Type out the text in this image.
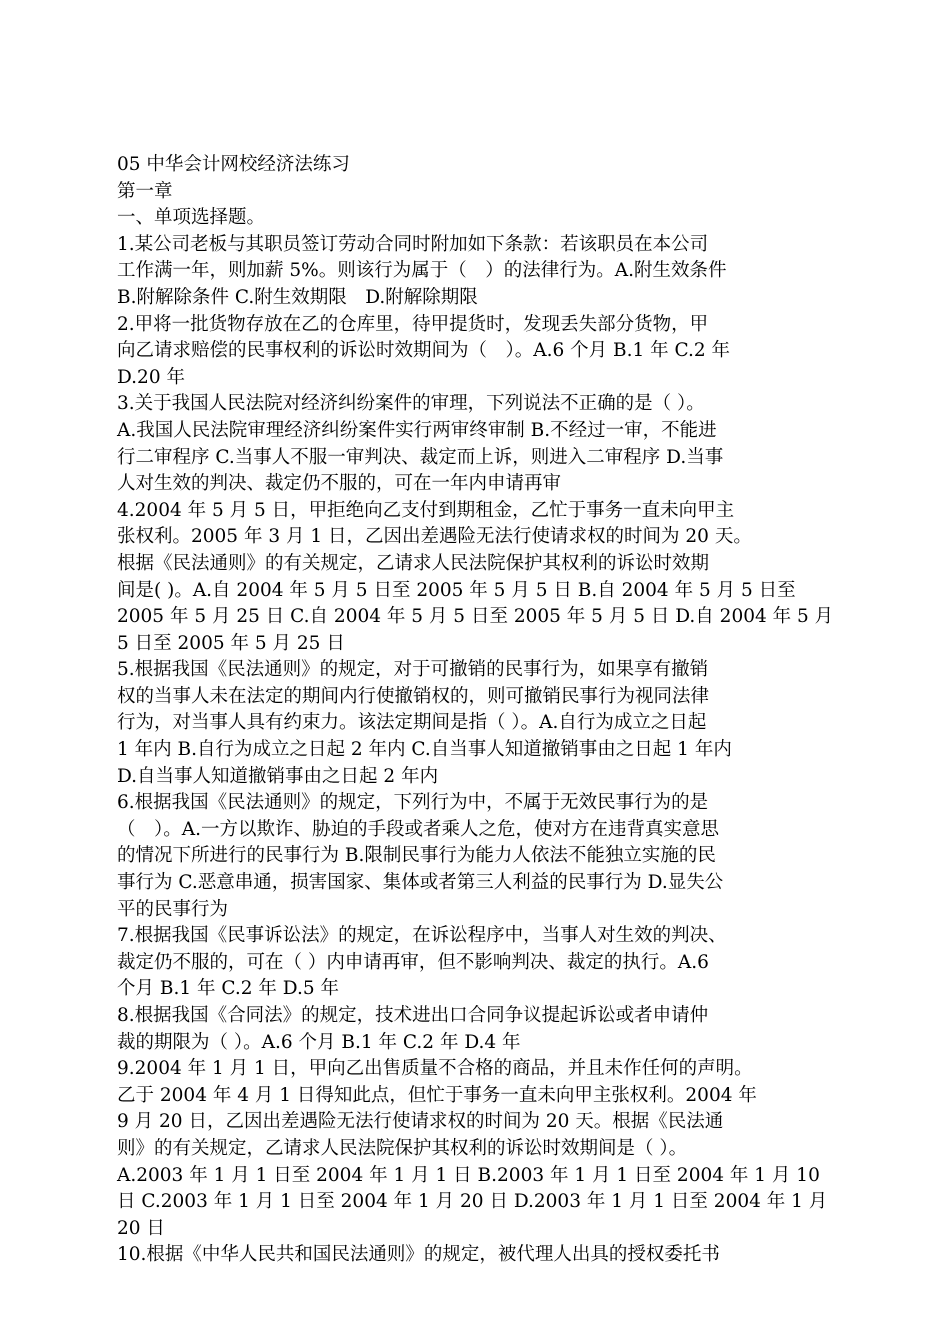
05 中华会计网校经济法练习
第一章
一、单项选择题。
1.某公司老板与其职员签订劳动合同时附加如下条款：若该职员在本公司
工作满一年，则加薪 5%。则该行为属于（　）的法律行为。A.附生效条件
B.附解除条件 C.附生效期限　D.附解除期限
2.甲将一批货物存放在乙的仓库里，待甲提货时，发现丢失部分货物，甲
向乙请求赔偿的民事权利的诉讼时效期间为（　）。A.6 个月 B.1 年 C.2 年
D.20 年
3.关于我国人民法院对经济纠纷案件的审理，下列说法不正确的是（ ）。
A.我国人民法院审理经济纠纷案件实行两审终审制 B.不经过一审，不能进
行二审程序 C.当事人不服一审判决、裁定而上诉，则进入二审程序 D.当事
人对生效的判决、裁定仍不服的，可在一年内申请再审
4.2004 年 5 月 5 日，甲拒绝向乙支付到期租金，乙忙于事务一直未向甲主
张权利。2005 年 3 月 1 日，乙因出差遇险无法行使请求权的时间为 20 天。
根据《民法通则》的有关规定，乙请求人民法院保护其权利的诉讼时效期
间是( )。A.自 2004 年 5 月 5 日至 2005 年 5 月 5 日 B.自 2004 年 5 月 5 日至
2005 年 5 月 25 日 C.自 2004 年 5 月 5 日至 2005 年 5 月 5 日 D.自 2004 年 5 月
5 日至 2005 年 5 月 25 日
5.根据我国《民法通则》的规定，对于可撤销的民事行为，如果享有撤销
权的当事人未在法定的期间内行使撤销权的，则可撤销民事行为视同法律
行为，对当事人具有约束力。该法定期间是指（ ）。A.自行为成立之日起
1 年内 B.自行为成立之日起 2 年内 C.自当事人知道撤销事由之日起 1 年内
D.自当事人知道撤销事由之日起 2 年内
6.根据我国《民法通则》的规定，下列行为中，不属于无效民事行为的是
（　）。A.一方以欺诈、胁迫的手段或者乘人之危，使对方在违背真实意思
的情况下所进行的民事行为 B.限制民事行为能力人依法不能独立实施的民
事行为 C.恶意串通，损害国家、集体或者第三人利益的民事行为 D.显失公
平的民事行为
7.根据我国《民事诉讼法》的规定，在诉讼程序中，当事人对生效的判决、
裁定仍不服的，可在（ ）内申请再审，但不影响判决、裁定的执行。A.6
个月 B.1 年 C.2 年 D.5 年
8.根据我国《合同法》的规定，技术进出口合同争议提起诉讼或者申请仲
裁的期限为（ ）。A.6 个月 B.1 年 C.2 年 D.4 年
9.2004 年 1 月 1 日，甲向乙出售质量不合格的商品，并且未作任何的声明。
乙于 2004 年 4 月 1 日得知此点，但忙于事务一直未向甲主张权利。2004 年
9 月 20 日，乙因出差遇险无法行使请求权的时间为 20 天。根据《民法通
则》的有关规定，乙请求人民法院保护其权利的诉讼时效期间是（ ）。
A.2003 年 1 月 1 日至 2004 年 1 月 1 日 B.2003 年 1 月 1 日至 2004 年 1 月 10
日 C.2003 年 1 月 1 日至 2004 年 1 月 20 日 D.2003 年 1 月 1 日至 2004 年 1 月
20 日
10.根据《中华人民共和国民法通则》的规定，被代理人出具的授权委托书
